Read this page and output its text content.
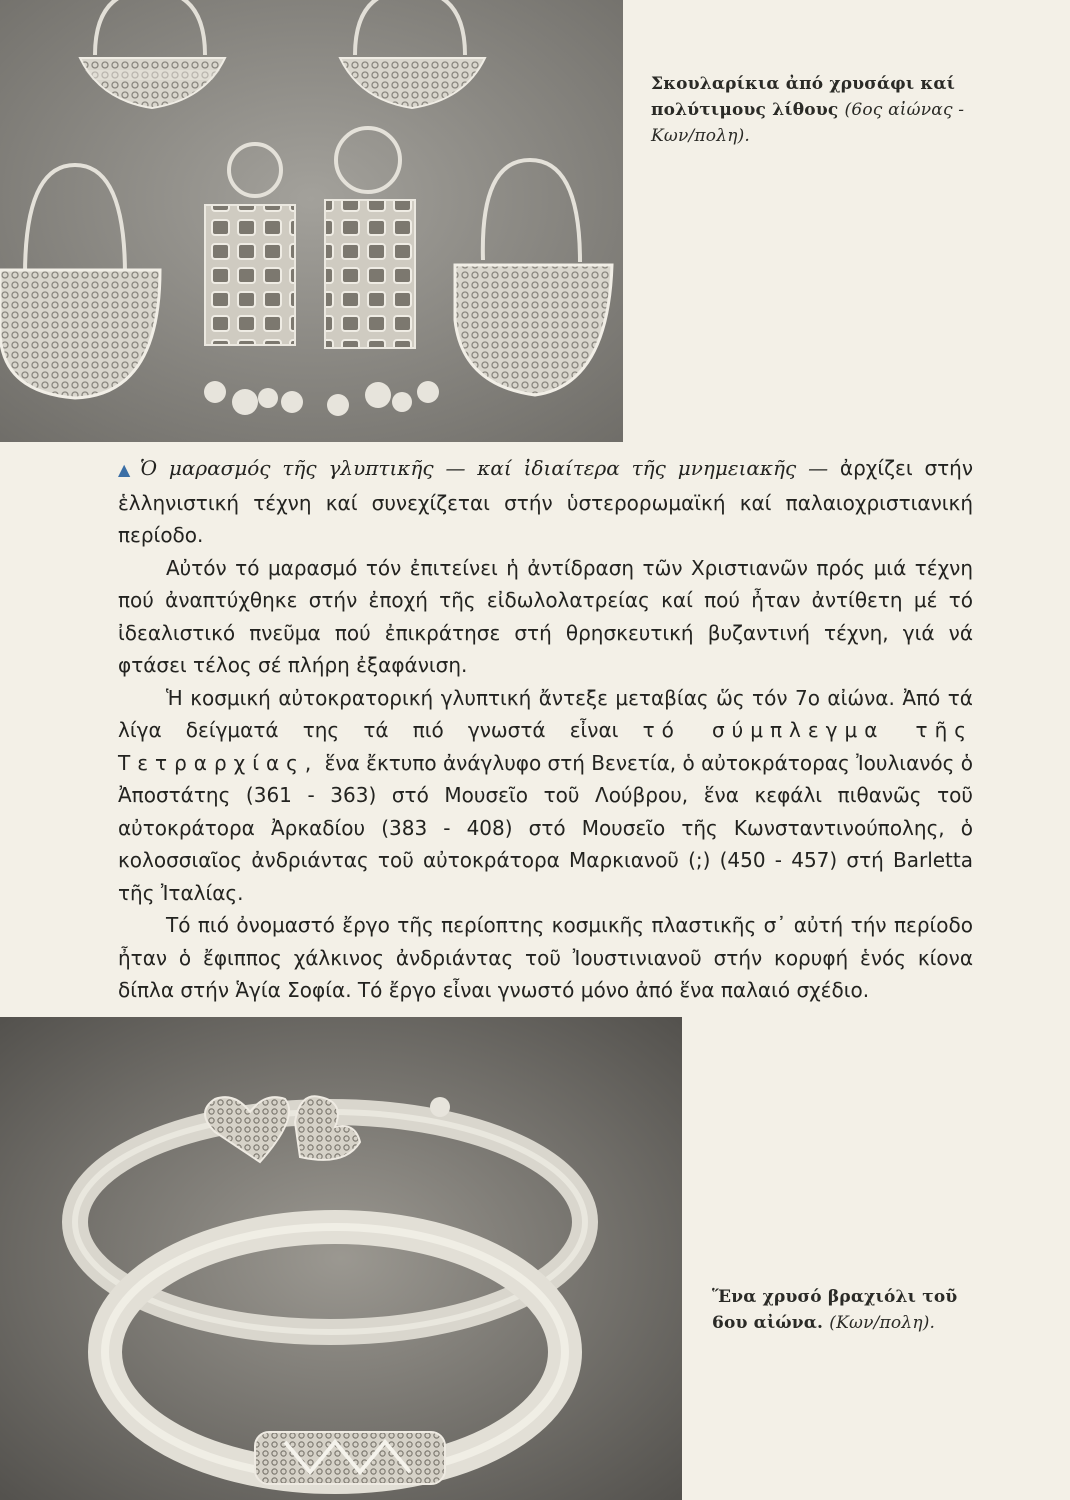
Σκουλαρίκια ἀπό χρυσάφι καί πολύτιμους λίθους (6ος αἰώνας - Κων/πολη).

▲ Ὁ μαρασμός τῆς γλυπτικῆς — καί ἰδιαίτερα τῆς μνημειακῆς — ἀρχίζει στήν ἑλληνιστική τέχνη καί συνεχίζεται στήν ὑστερορωμαϊκή καί παλαιοχριστιανική περίοδο.

Αὐτόν τό μαρασμό τόν ἐπιτείνει ἡ ἀντίδραση τῶν Χριστιανῶν πρός μιά τέχνη πού ἀναπτύχθηκε στήν ἐποχή τῆς εἰδωλολατρείας καί πού ἦταν ἀντίθετη μέ τό ἰδεαλιστικό πνεῦμα πού ἐπικράτησε στή θρησκευτική βυζαντινή τέχνη, γιά νά φτάσει τέλος σέ πλήρη ἐξαφάνιση.

Ἡ κοσμική αὐτοκρατορική γλυπτική ἄντεξε μεταβίας ὥς τόν 7ο αἰώνα. Ἀπό τά λίγα δείγματά της τά πιό γνωστά εἶναι τό σύμπλεγμα τῆς Τετραρχίας, ἕνα ἔκτυπο ἀνάγλυφο στή Βενετία, ὁ αὐτοκράτορας Ἰουλιανός ὁ Ἀποστάτης (361 - 363) στό Μουσεῖο τοῦ Λούβρου, ἕνα κεφάλι πιθανῶς τοῦ αὐτοκράτορα Ἀρκαδίου (383 - 408) στό Μουσεῖο τῆς Κωνσταντινούπολης, ὁ κολοσσιαῖος ἀνδριάντας τοῦ αὐτοκράτορα Μαρκιανοῦ (;) (450 - 457) στή Barletta τῆς Ἰταλίας.

Τό πιό ὀνομαστό ἔργο τῆς περίοπτης κοσμικῆς πλαστικῆς σ᾽ αὐτή τήν περίοδο ἦταν ὁ ἔφιππος χάλκινος ἀνδριάντας τοῦ Ἰουστινιανοῦ στήν κορυφή ἑνός κίονα δίπλα στήν Ἁγία Σοφία. Τό ἔργο εἶναι γνωστό μόνο ἀπό ἕνα παλαιό σχέδιο.

Ἕνα χρυσό βραχιόλι τοῦ 6ου αἰώνα. (Κων/πολη).
